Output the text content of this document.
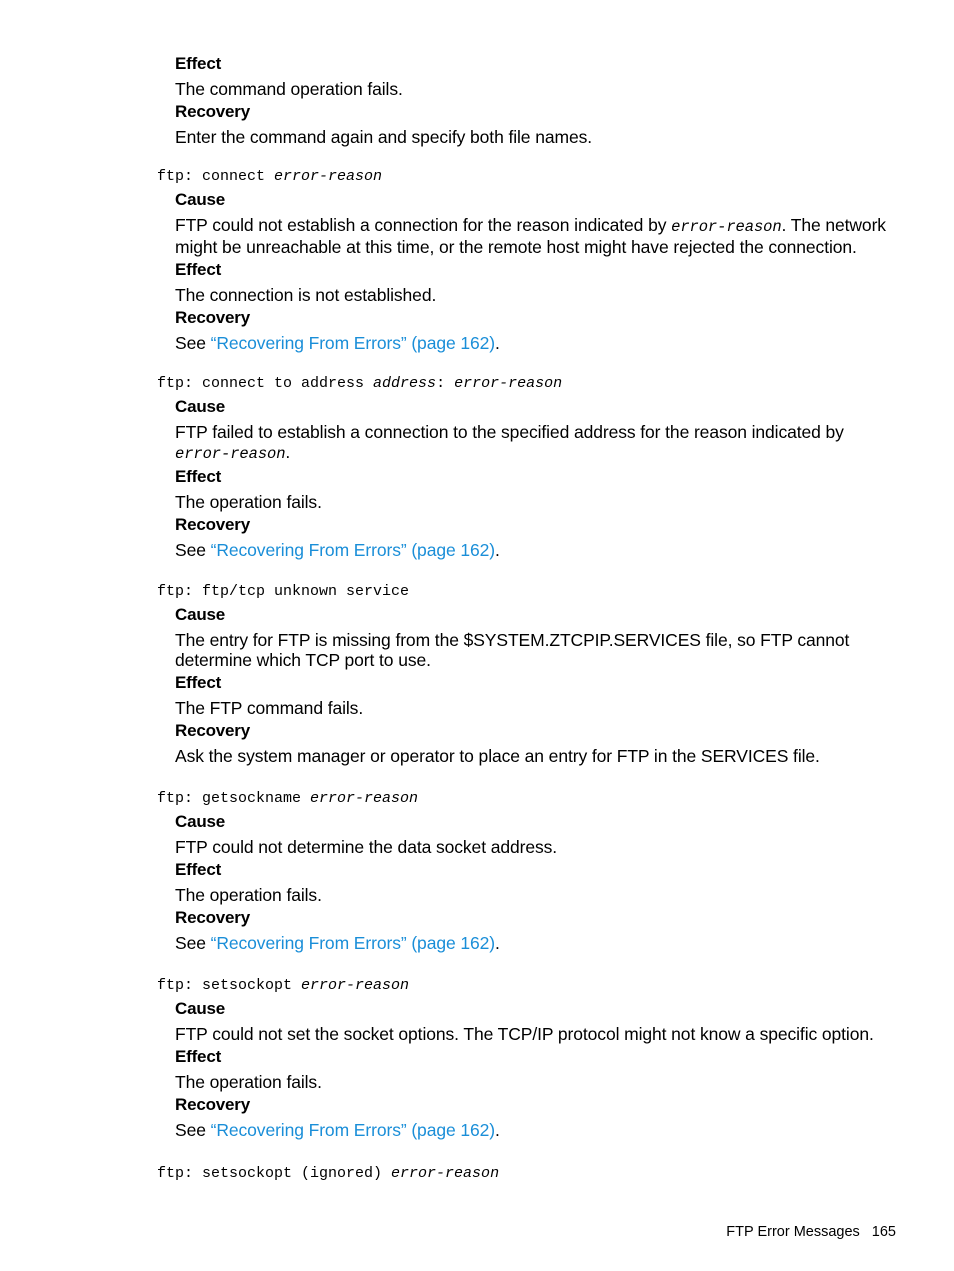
Effect
The command operation fails.
Recovery
Enter the command again and specify both file names.
ftp: connect error-reason
Cause
FTP could not establish a connection for the reason indicated by error-reason. The network might be unreachable at this time, or the remote host might have rejected the connection.
Effect
The connection is not established.
Recovery
See “Recovering From Errors” (page 162).
ftp: connect to address address: error-reason
Cause
FTP failed to establish a connection to the specified address for the reason indicated by error-reason.
Effect
The operation fails.
Recovery
See “Recovering From Errors” (page 162).
ftp: ftp/tcp unknown service
Cause
The entry for FTP is missing from the $SYSTEM.ZTCPIP.SERVICES file, so FTP cannot determine which TCP port to use.
Effect
The FTP command fails.
Recovery
Ask the system manager or operator to place an entry for FTP in the SERVICES file.
ftp: getsockname error-reason
Cause
FTP could not determine the data socket address.
Effect
The operation fails.
Recovery
See “Recovering From Errors” (page 162).
ftp: setsockopt error-reason
Cause
FTP could not set the socket options. The TCP/IP protocol might not know a specific option.
Effect
The operation fails.
Recovery
See “Recovering From Errors” (page 162).
ftp: setsockopt (ignored) error-reason
FTP Error Messages 165
